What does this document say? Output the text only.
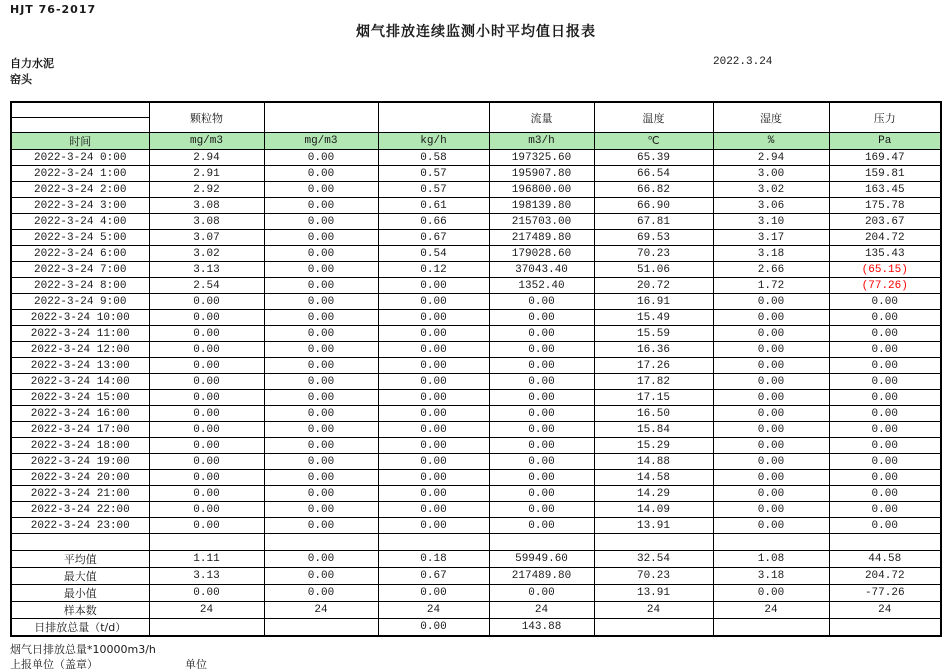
HJT 76-2017
烟气排放连续监测小时平均值日报表
自力水泥	2022.3.24
窑头
	颗粒物			流量	温度	湿度	压力
时间	mg/m3	mg/m3	kg/h	m3/h	℃	%	Pa
2022-3-24 0:00	2.94	0.00	0.58	197325.60	65.39	2.94	169.47
2022-3-24 1:00	2.91	0.00	0.57	195907.80	66.54	3.00	159.81
2022-3-24 2:00	2.92	0.00	0.57	196800.00	66.82	3.02	163.45
2022-3-24 3:00	3.08	0.00	0.61	198139.80	66.90	3.06	175.78
2022-3-24 4:00	3.08	0.00	0.66	215703.00	67.81	3.10	203.67
2022-3-24 5:00	3.07	0.00	0.67	217489.80	69.53	3.17	204.72
2022-3-24 6:00	3.02	0.00	0.54	179028.60	70.23	3.18	135.43
2022-3-24 7:00	3.13	0.00	0.12	37043.40	51.06	2.66	(65.15)
2022-3-24 8:00	2.54	0.00	0.00	1352.40	20.72	1.72	(77.26)
2022-3-24 9:00	0.00	0.00	0.00	0.00	16.91	0.00	0.00
2022-3-24 10:00	0.00	0.00	0.00	0.00	15.49	0.00	0.00
2022-3-24 11:00	0.00	0.00	0.00	0.00	15.59	0.00	0.00
2022-3-24 12:00	0.00	0.00	0.00	0.00	16.36	0.00	0.00
2022-3-24 13:00	0.00	0.00	0.00	0.00	17.26	0.00	0.00
2022-3-24 14:00	0.00	0.00	0.00	0.00	17.82	0.00	0.00
2022-3-24 15:00	0.00	0.00	0.00	0.00	17.15	0.00	0.00
2022-3-24 16:00	0.00	0.00	0.00	0.00	16.50	0.00	0.00
2022-3-24 17:00	0.00	0.00	0.00	0.00	15.84	0.00	0.00
2022-3-24 18:00	0.00	0.00	0.00	0.00	15.29	0.00	0.00
2022-3-24 19:00	0.00	0.00	0.00	0.00	14.88	0.00	0.00
2022-3-24 20:00	0.00	0.00	0.00	0.00	14.58	0.00	0.00
2022-3-24 21:00	0.00	0.00	0.00	0.00	14.29	0.00	0.00
2022-3-24 22:00	0.00	0.00	0.00	0.00	14.09	0.00	0.00
2022-3-24 23:00	0.00	0.00	0.00	0.00	13.91	0.00	0.00

平均值	1.11	0.00	0.18	59949.60	32.54	1.08	44.58
最大值	3.13	0.00	0.67	217489.80	70.23	3.18	204.72
最小值	0.00	0.00	0.00	0.00	13.91	0.00	-77.26
样本数	24	24	24	24	24	24	24
日排放总量（t/d）			0.00	143.88			
烟气日排放总量*10000m3/h
上报单位（盖章）	单位
